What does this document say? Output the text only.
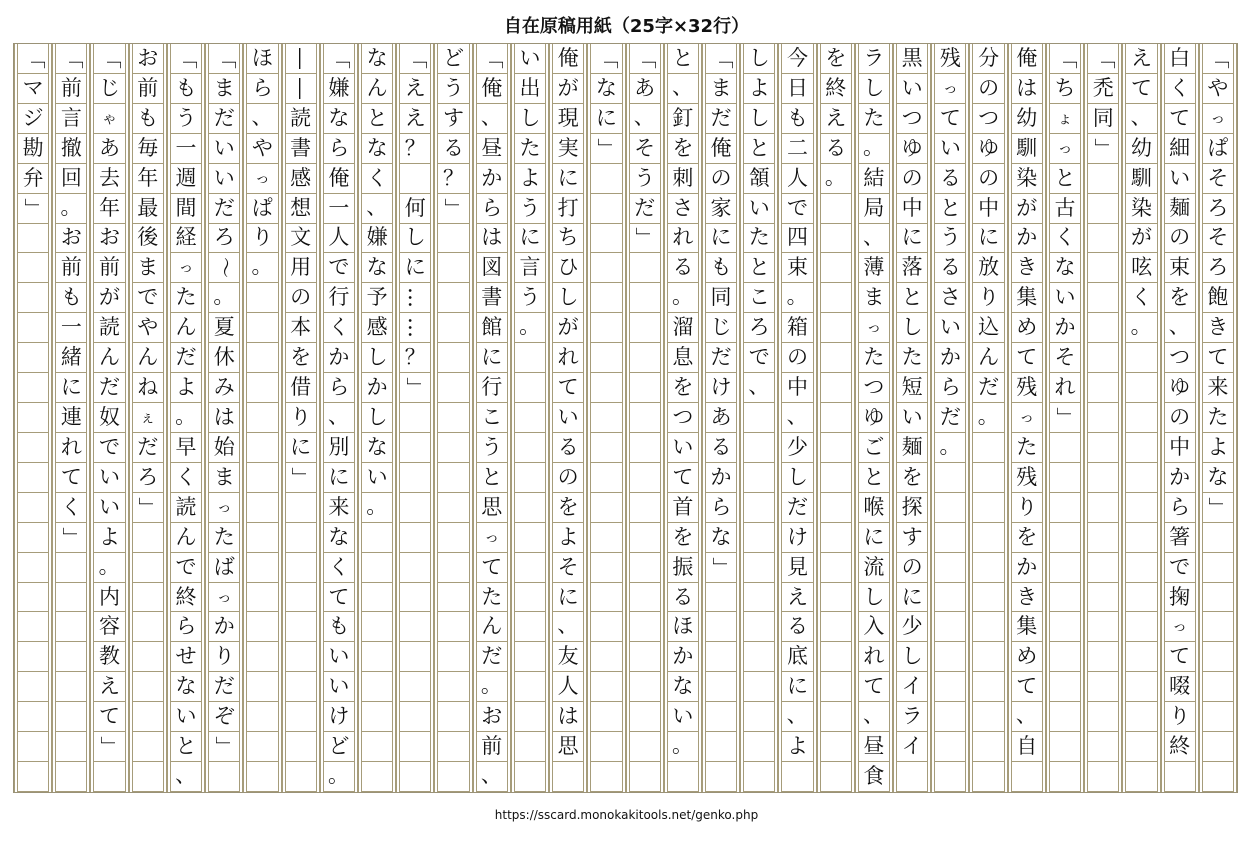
自在原稿用紙（25字×32行）
「
や
っ
ぱ
そ
ろ
そ
ろ
飽
き
て
来
た
よ
な
」
白
く
て
細
い
麺
の
束
を
、
つ
ゆ
の
中
か
ら
箸
で
掬
っ
て
啜
り
終
え
て
、
幼
馴
染
が
呟
く
。
「
禿
同
」
「
ち
ょ
っ
と
古
く
な
い
か
そ
れ
」
俺
は
幼
馴
染
が
か
き
集
め
て
残
っ
た
残
り
を
か
き
集
め
て
、
自
分
の
つ
ゆ
の
中
に
放
り
込
ん
だ
。
残
っ
て
い
る
と
う
る
さ
い
か
ら
だ
。
黒
い
つ
ゆ
の
中
に
落
と
し
た
短
い
麺
を
探
す
の
に
少
し
イ
ラ
イ
ラ
し
た
。
結
局
、
薄
ま
っ
た
つ
ゆ
ご
と
喉
に
流
し
入
れ
て
、
昼
食
を
終
え
る
。
今
日
も
二
人
で
四
束
。
箱
の
中
、
少
し
だ
け
見
え
る
底
に
、
よ
し
よ
し
と
頷
い
た
と
こ
ろ
で
、
「
ま
だ
俺
の
家
に
も
同
じ
だ
け
あ
る
か
ら
な
」
と
、
釘
を
刺
さ
れ
る
。
溜
息
を
つ
い
て
首
を
振
る
ほ
か
な
い
。
「
あ
、
そ
う
だ
」
「
な
に
」
俺
が
現
実
に
打
ち
ひ
し
が
れ
て
い
る
の
を
よ
そ
に
、
友
人
は
思
い
出
し
た
よ
う
に
言
う
。
「
俺
、
昼
か
ら
は
図
書
館
に
行
こ
う
と
思
っ
て
た
ん
だ
。
お
前
、
ど
う
す
る
？
」
「
え
え
？
何
し
に
…
…
？
」
な
ん
と
な
く
、
嫌
な
予
感
し
か
し
な
い
。
「
嫌
な
ら
俺
一
人
で
行
く
か
ら
、
別
に
来
な
く
て
も
い
い
け
ど
。
―
―
読
書
感
想
文
用
の
本
を
借
り
に
」
ほ
ら
、
や
っ
ぱ
り
。
「
ま
だ
い
い
だ
ろ
～
。
夏
休
み
は
始
ま
っ
た
ば
っ
か
り
だ
ぞ
」
「
も
う
一
週
間
経
っ
た
ん
だ
よ
。
早
く
読
ん
で
終
ら
せ
な
い
と
、
お
前
も
毎
年
最
後
ま
で
や
ん
ね
ぇ
だ
ろ
」
「
じ
ゃ
あ
去
年
お
前
が
読
ん
だ
奴
で
い
い
よ
。
内
容
教
え
て
」
「
前
言
撤
回
。
お
前
も
一
緒
に
連
れ
て
く
」
「
マ
ジ
勘
弁
」
https://sscard.monokakitools.net/genko.php
